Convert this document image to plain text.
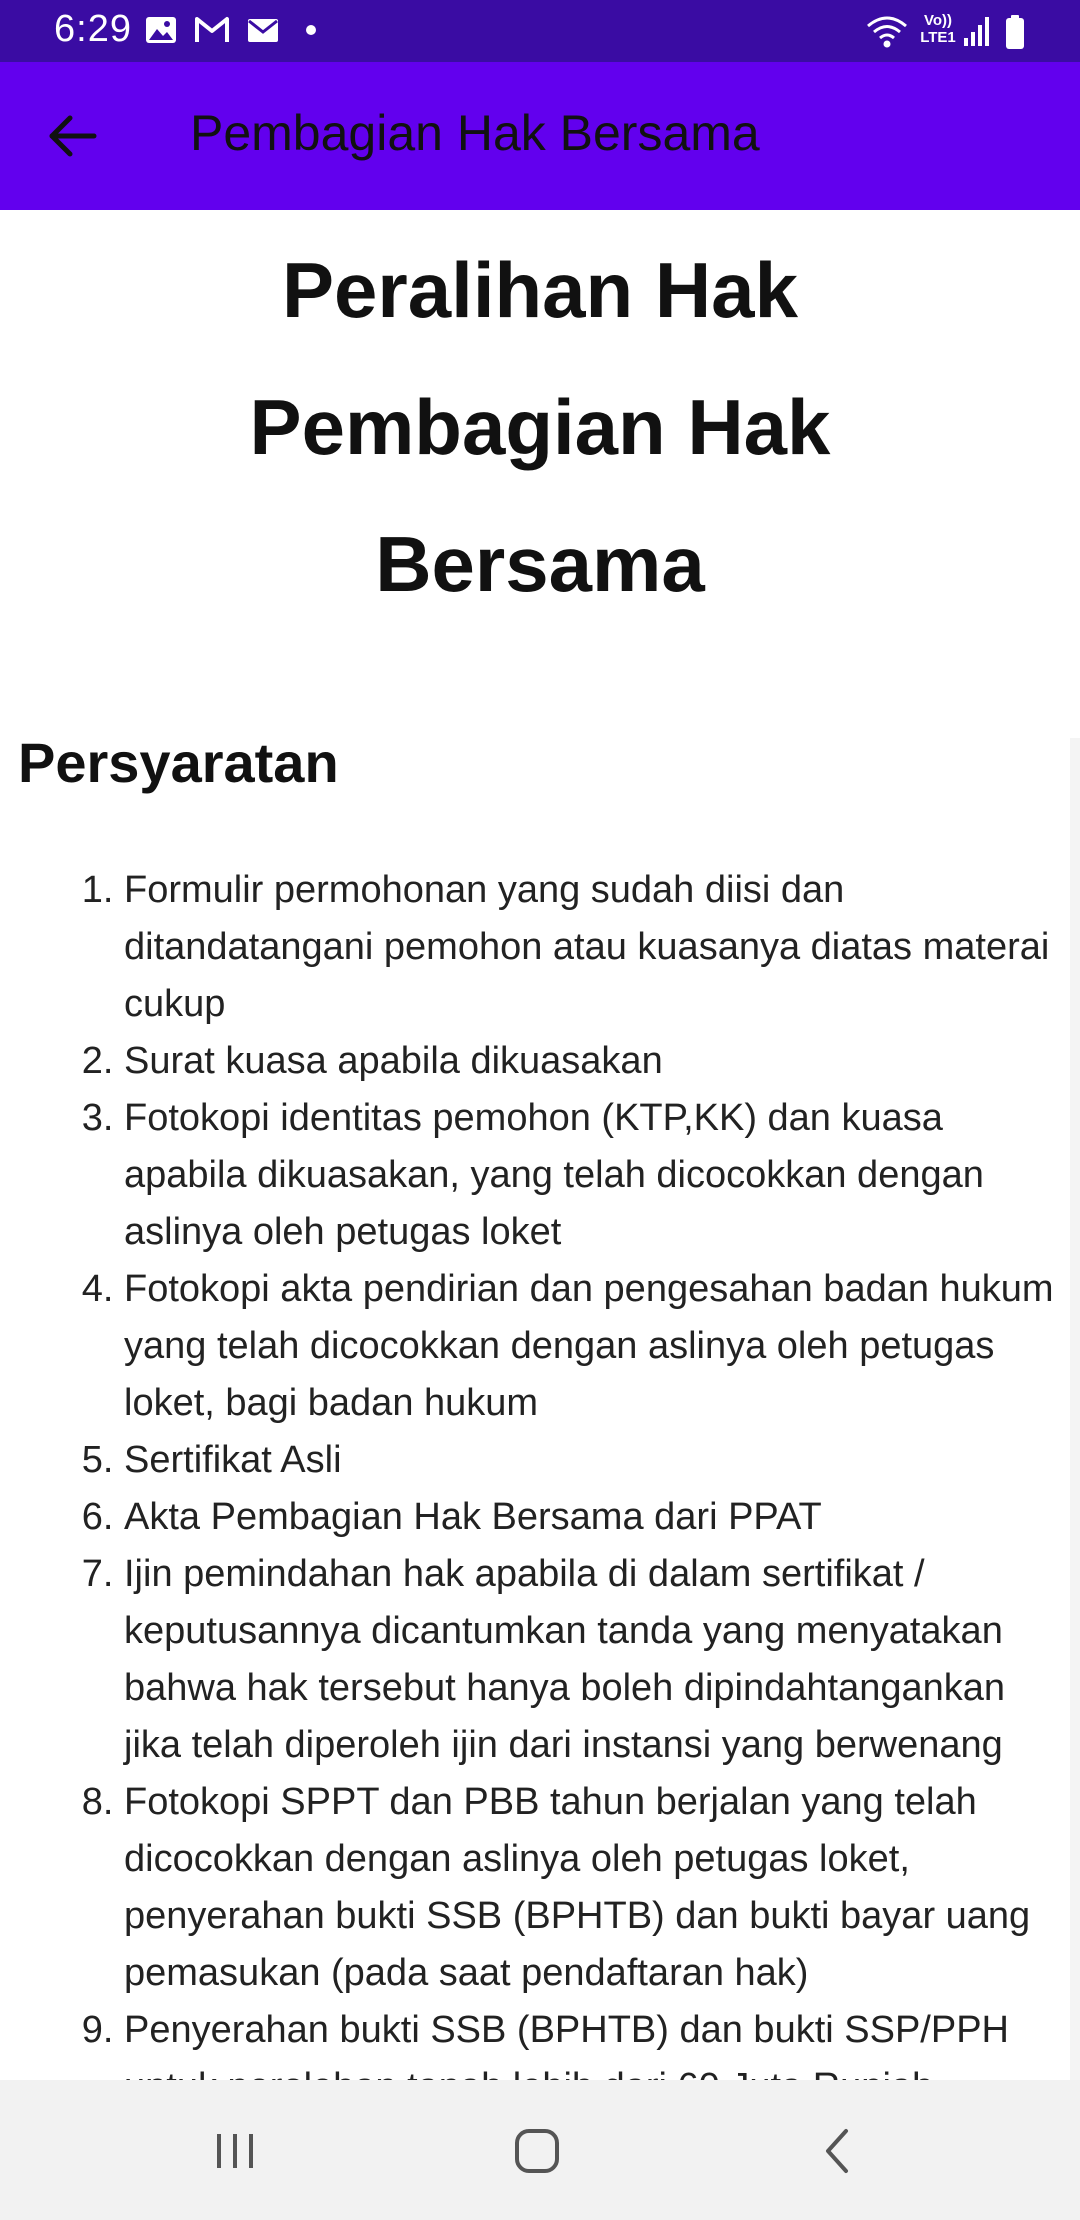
6:29	Vo)) LTE1
Pembagian Hak Bersama
Peralihan Hak
Pembagian Hak
Bersama
Persyaratan
1. Formulir permohonan yang sudah diisi dan ditandatangani pemohon atau kuasanya diatas materai cukup
2. Surat kuasa apabila dikuasakan
3. Fotokopi identitas pemohon (KTP,KK) dan kuasa apabila dikuasakan, yang telah dicocokkan dengan aslinya oleh petugas loket
4. Fotokopi akta pendirian dan pengesahan badan hukum yang telah dicocokkan dengan aslinya oleh petugas loket, bagi badan hukum
5. Sertifikat Asli
6. Akta Pembagian Hak Bersama dari PPAT
7. Ijin pemindahan hak apabila di dalam sertifikat / keputusannya dicantumkan tanda yang menyatakan bahwa hak tersebut hanya boleh dipindahtangankan jika telah diperoleh ijin dari instansi yang berwenang
8. Fotokopi SPPT dan PBB tahun berjalan yang telah dicocokkan dengan aslinya oleh petugas loket, penyerahan bukti SSB (BPHTB) dan bukti bayar uang pemasukan (pada saat pendaftaran hak)
9. Penyerahan bukti SSB (BPHTB) dan bukti SSP/PPH
